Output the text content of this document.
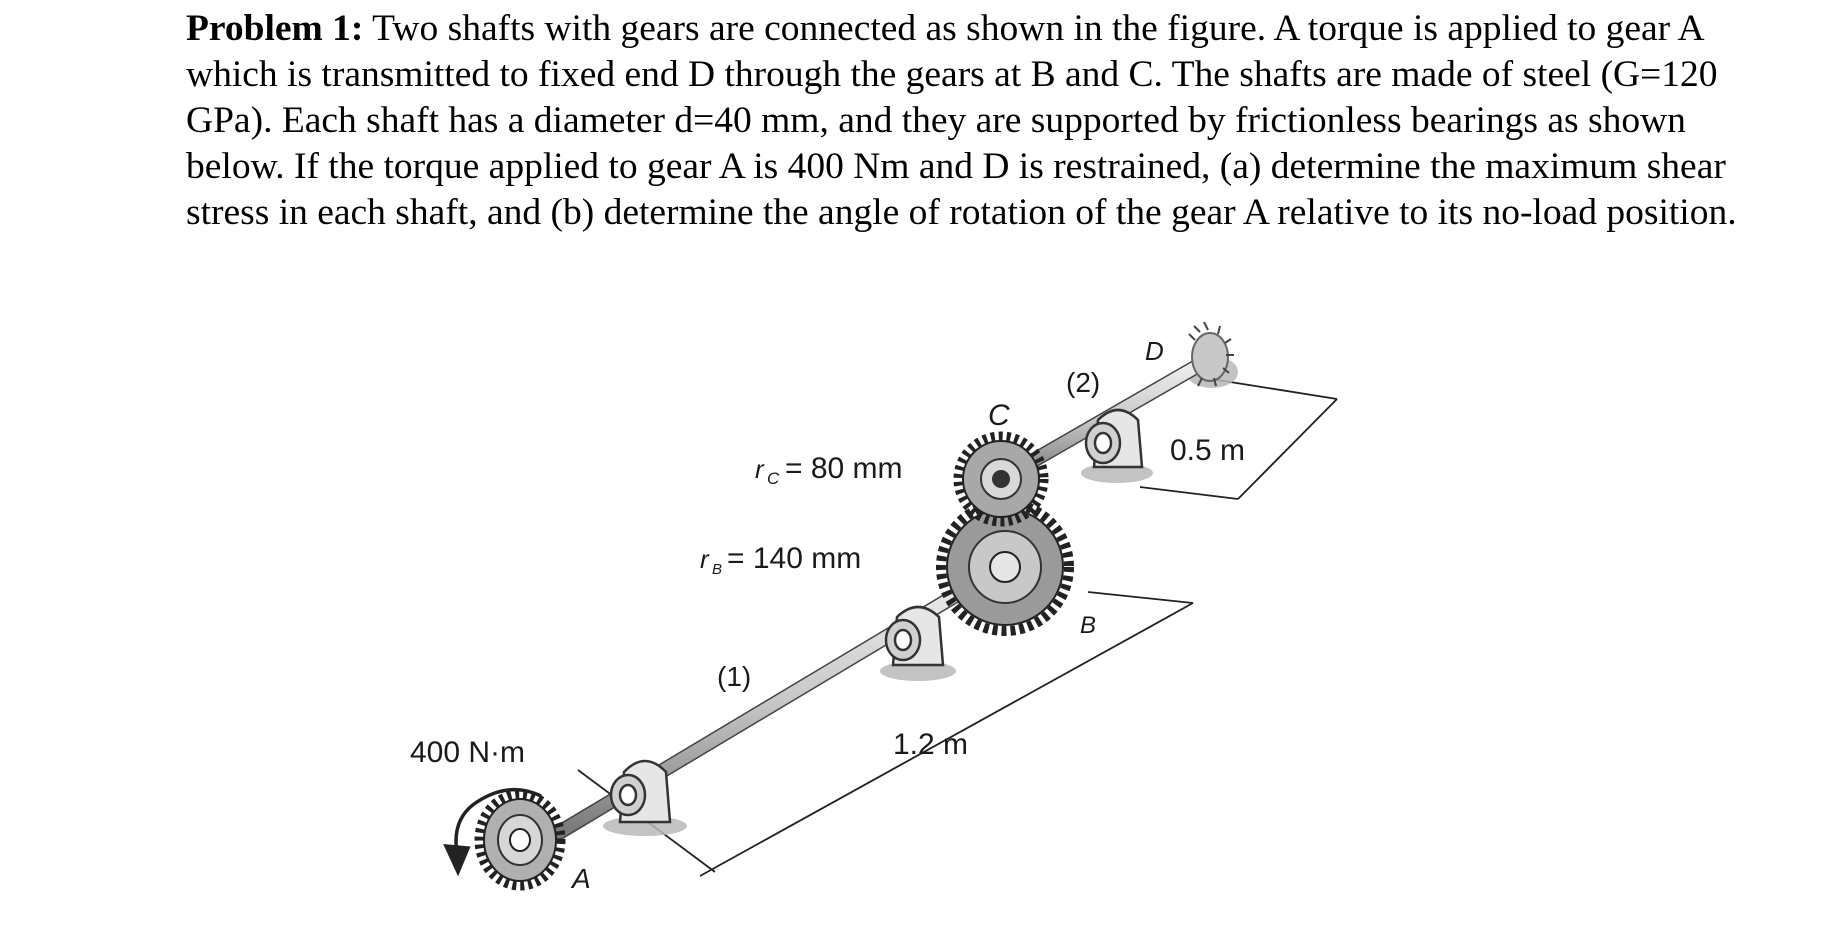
Problem 1: Two shafts with gears are connected as shown in the figure. A torque is applied to gear A which is transmitted to fixed end D through the gears at B and C. The shafts are made of steel (G=120 GPa). Each shaft has a diameter d=40 mm, and they are supported by frictionless bearings as shown below. If the torque applied to gear A is 400 Nm and D is restrained, (a) determine the maximum shear stress in each shaft, and (b) determine the angle of rotation of the gear A relative to its no-load position.
400 N·m
r C = 80 mm
r B = 140 mm
(1)
(2)
1.2 m
0.5 m
A
B
C
D
